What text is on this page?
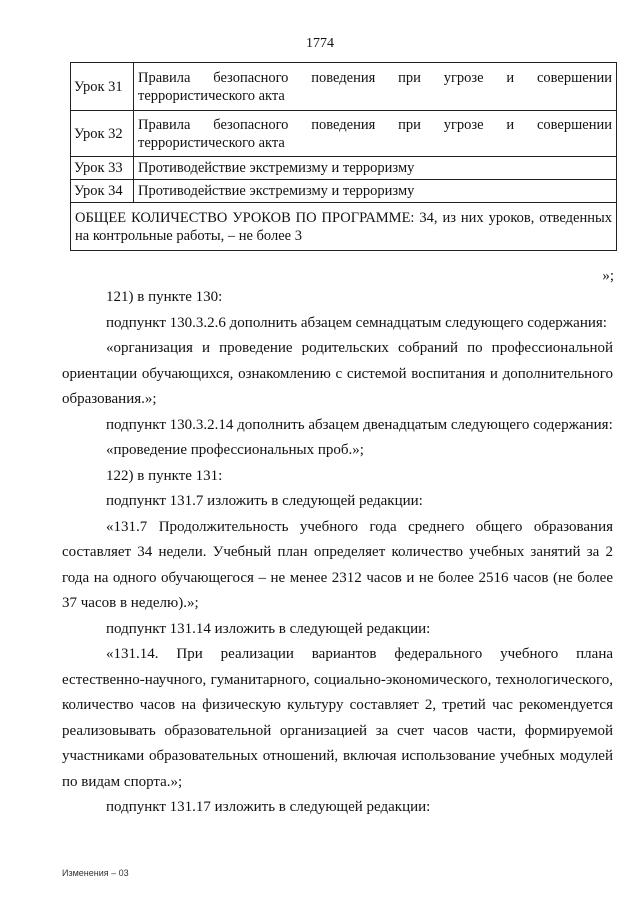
1774
Урок 31	Правила безопасного поведения при угрозе и совершении
террористического акта

Урок 32	Правила безопасного поведения при угрозе и совершении
террористического акта

Урок 33	Противодействие экстремизму и терроризму
Урок 34	Противодействие экстремизму и терроризму
ОБЩЕЕ КОЛИЧЕСТВО УРОКОВ ПО ПРОГРАММЕ: 34, из них уроков, отведенных на контрольные работы, – не более 3	
»;

121) в пункте 130:

подпункт 130.3.2.6 дополнить абзацем семнадцатым следующего содержания:

«организация и проведение родительских собраний по профессиональной ориентации обучающихся, ознакомлению с системой воспитания и дополнительного образования.»;

подпункт 130.3.2.14 дополнить абзацем двенадцатым следующего содержания:

«проведение профессиональных проб.»;

122) в пункте 131:

подпункт 131.7 изложить в следующей редакции:

«131.7 Продолжительность учебного года среднего общего образования составляет 34 недели. Учебный план определяет количество учебных занятий за 2 года на одного обучающегося – не менее 2312 часов и не более 2516 часов (не более 37 часов в неделю).»;

подпункт 131.14 изложить в следующей редакции:

«131.14. При реализации вариантов федерального учебного плана естественно-научного, гуманитарного, социально-экономического, технологического, количество часов на физическую культуру составляет 2, третий час рекомендуется реализовывать образовательной организацией за счет часов части, формируемой участниками образовательных отношений, включая использование учебных модулей по видам спорта.»;

подпункт 131.17 изложить в следующей редакции:

Изменения – 03
